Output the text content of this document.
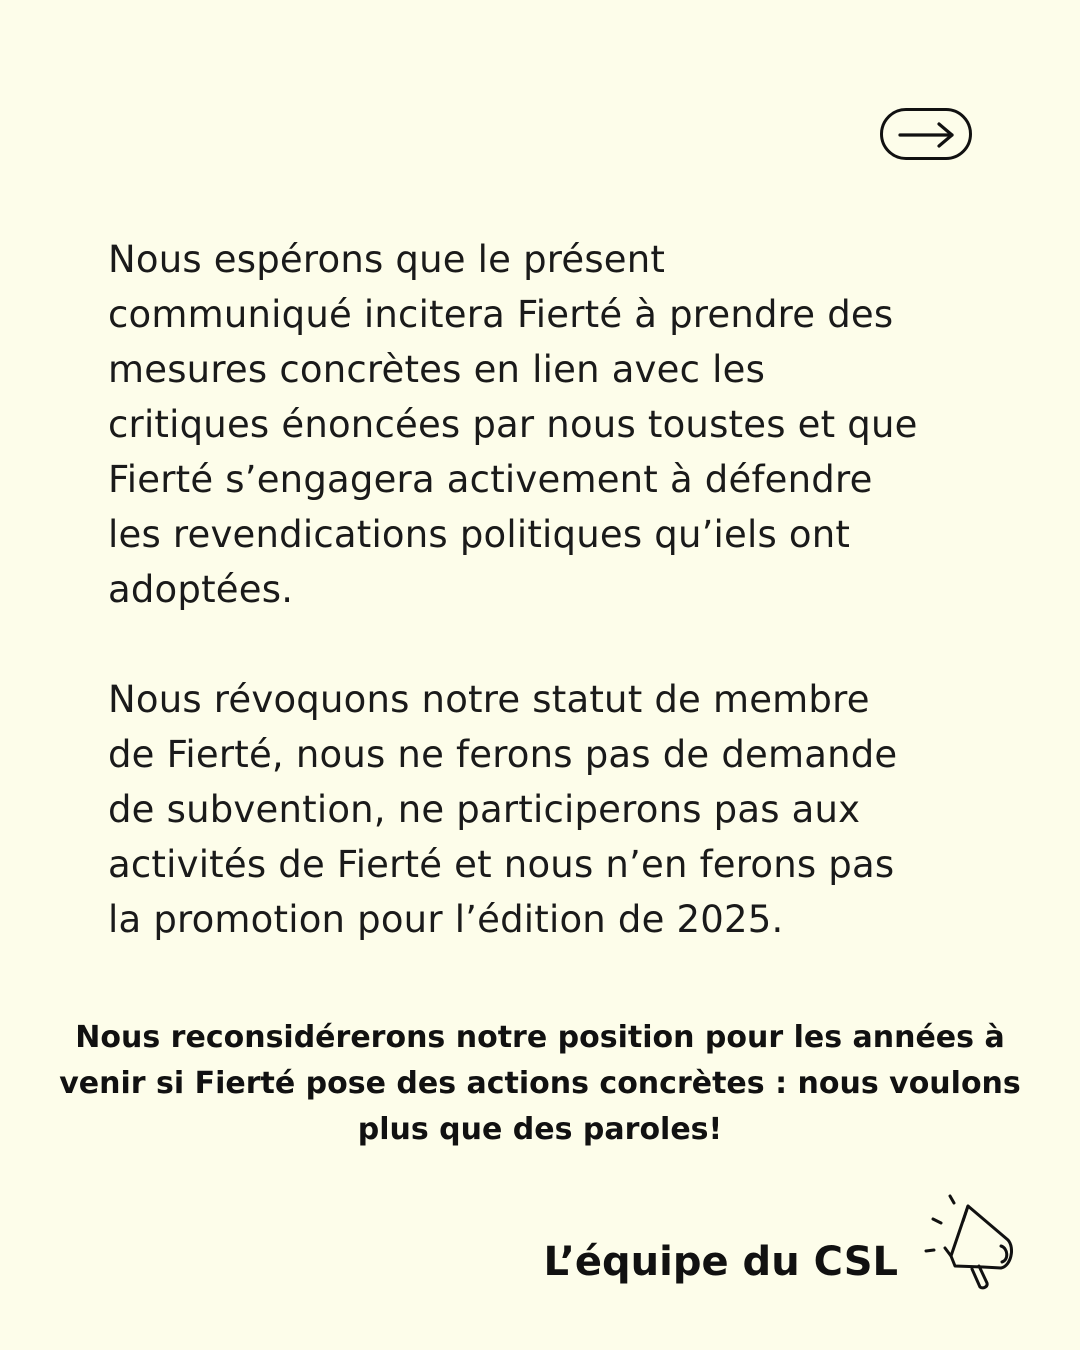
Nous espérons que le présent
communiqué incitera Fierté à prendre des
mesures concrètes en lien avec les
critiques énoncées par nous toustes et que
Fierté s’engagera activement à défendre
les revendications politiques qu’iels ont
adoptées.

Nous révoquons notre statut de membre
de Fierté, nous ne ferons pas de demande
de subvention, ne participerons pas aux
activités de Fierté et nous n’en ferons pas
la promotion pour l’édition de 2025.

Nous reconsidérerons notre position pour les années à
venir si Fierté pose des actions concrètes : nous voulons
plus que des paroles!
L’équipe du CSL
